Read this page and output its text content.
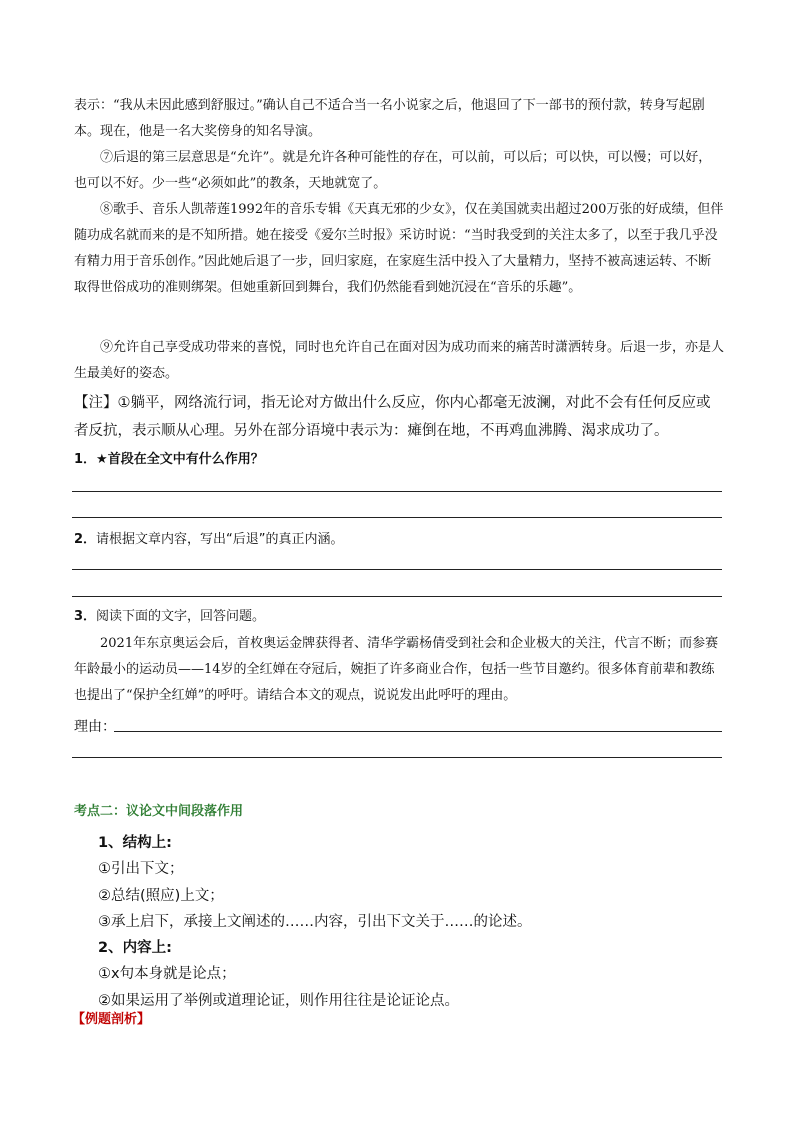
表示：“我从未因此感到舒服过。”确认自己不适合当一名小说家之后，他退回了下一部书的预付款，转身写起剧本。现在，他是一名大奖傍身的知名导演。

⑦后退的第三层意思是“允许”。就是允许各种可能性的存在，可以前，可以后；可以快，可以慢；可以好，也可以不好。少一些“必须如此”的教条，天地就宽了。

⑧歌手、音乐人凯蒂莲1992年的音乐专辑《天真无邪的少女》，仅在美国就卖出超过200万张的好成绩，但伴随功成名就而来的是不知所措。她在接受《爱尔兰时报》采访时说：“当时我受到的关注太多了，以至于我几乎没有精力用于音乐创作。”因此她后退了一步，回归家庭，在家庭生活中投入了大量精力，坚持不被高速运转、不断取得世俗成功的准则绑架。但她重新回到舞台，我们仍然能看到她沉浸在“音乐的乐趣”。

⑨允许自己享受成功带来的喜悦，同时也允许自己在面对因为成功而来的痛苦时潇洒转身。后退一步，亦是人生最美好的姿态。

【注】①躺平，网络流行词，指无论对方做出什么反应，你内心都毫无波澜，对此不会有任何反应或者反抗，表示顺从心理。另外在部分语境中表示为：瘫倒在地，不再鸡血沸腾、渴求成功了。

1．★首段在全文中有什么作用？

2．请根据文章内容，写出“后退”的真正内涵。

3．阅读下面的文字，回答问题。

2021年东京奥运会后，首枚奥运金牌获得者、清华学霸杨倩受到社会和企业极大的关注，代言不断；而参赛年龄最小的运动员——14岁的全红婵在夺冠后，婉拒了许多商业合作，包括一些节目邀约。很多体育前辈和教练也提出了“保护全红婵”的呼吁。请结合本文的观点，说说发出此呼吁的理由。

理由：

考点二：议论文中间段落作用

1、结构上:

①引出下文；

②总结(照应)上文；

③承上启下，承接上文阐述的……内容，引出下文关于……的论述。

2、内容上:

①x句本身就是论点；

②如果运用了举例或道理论证，则作用往往是论证论点。

【例题剖析】
